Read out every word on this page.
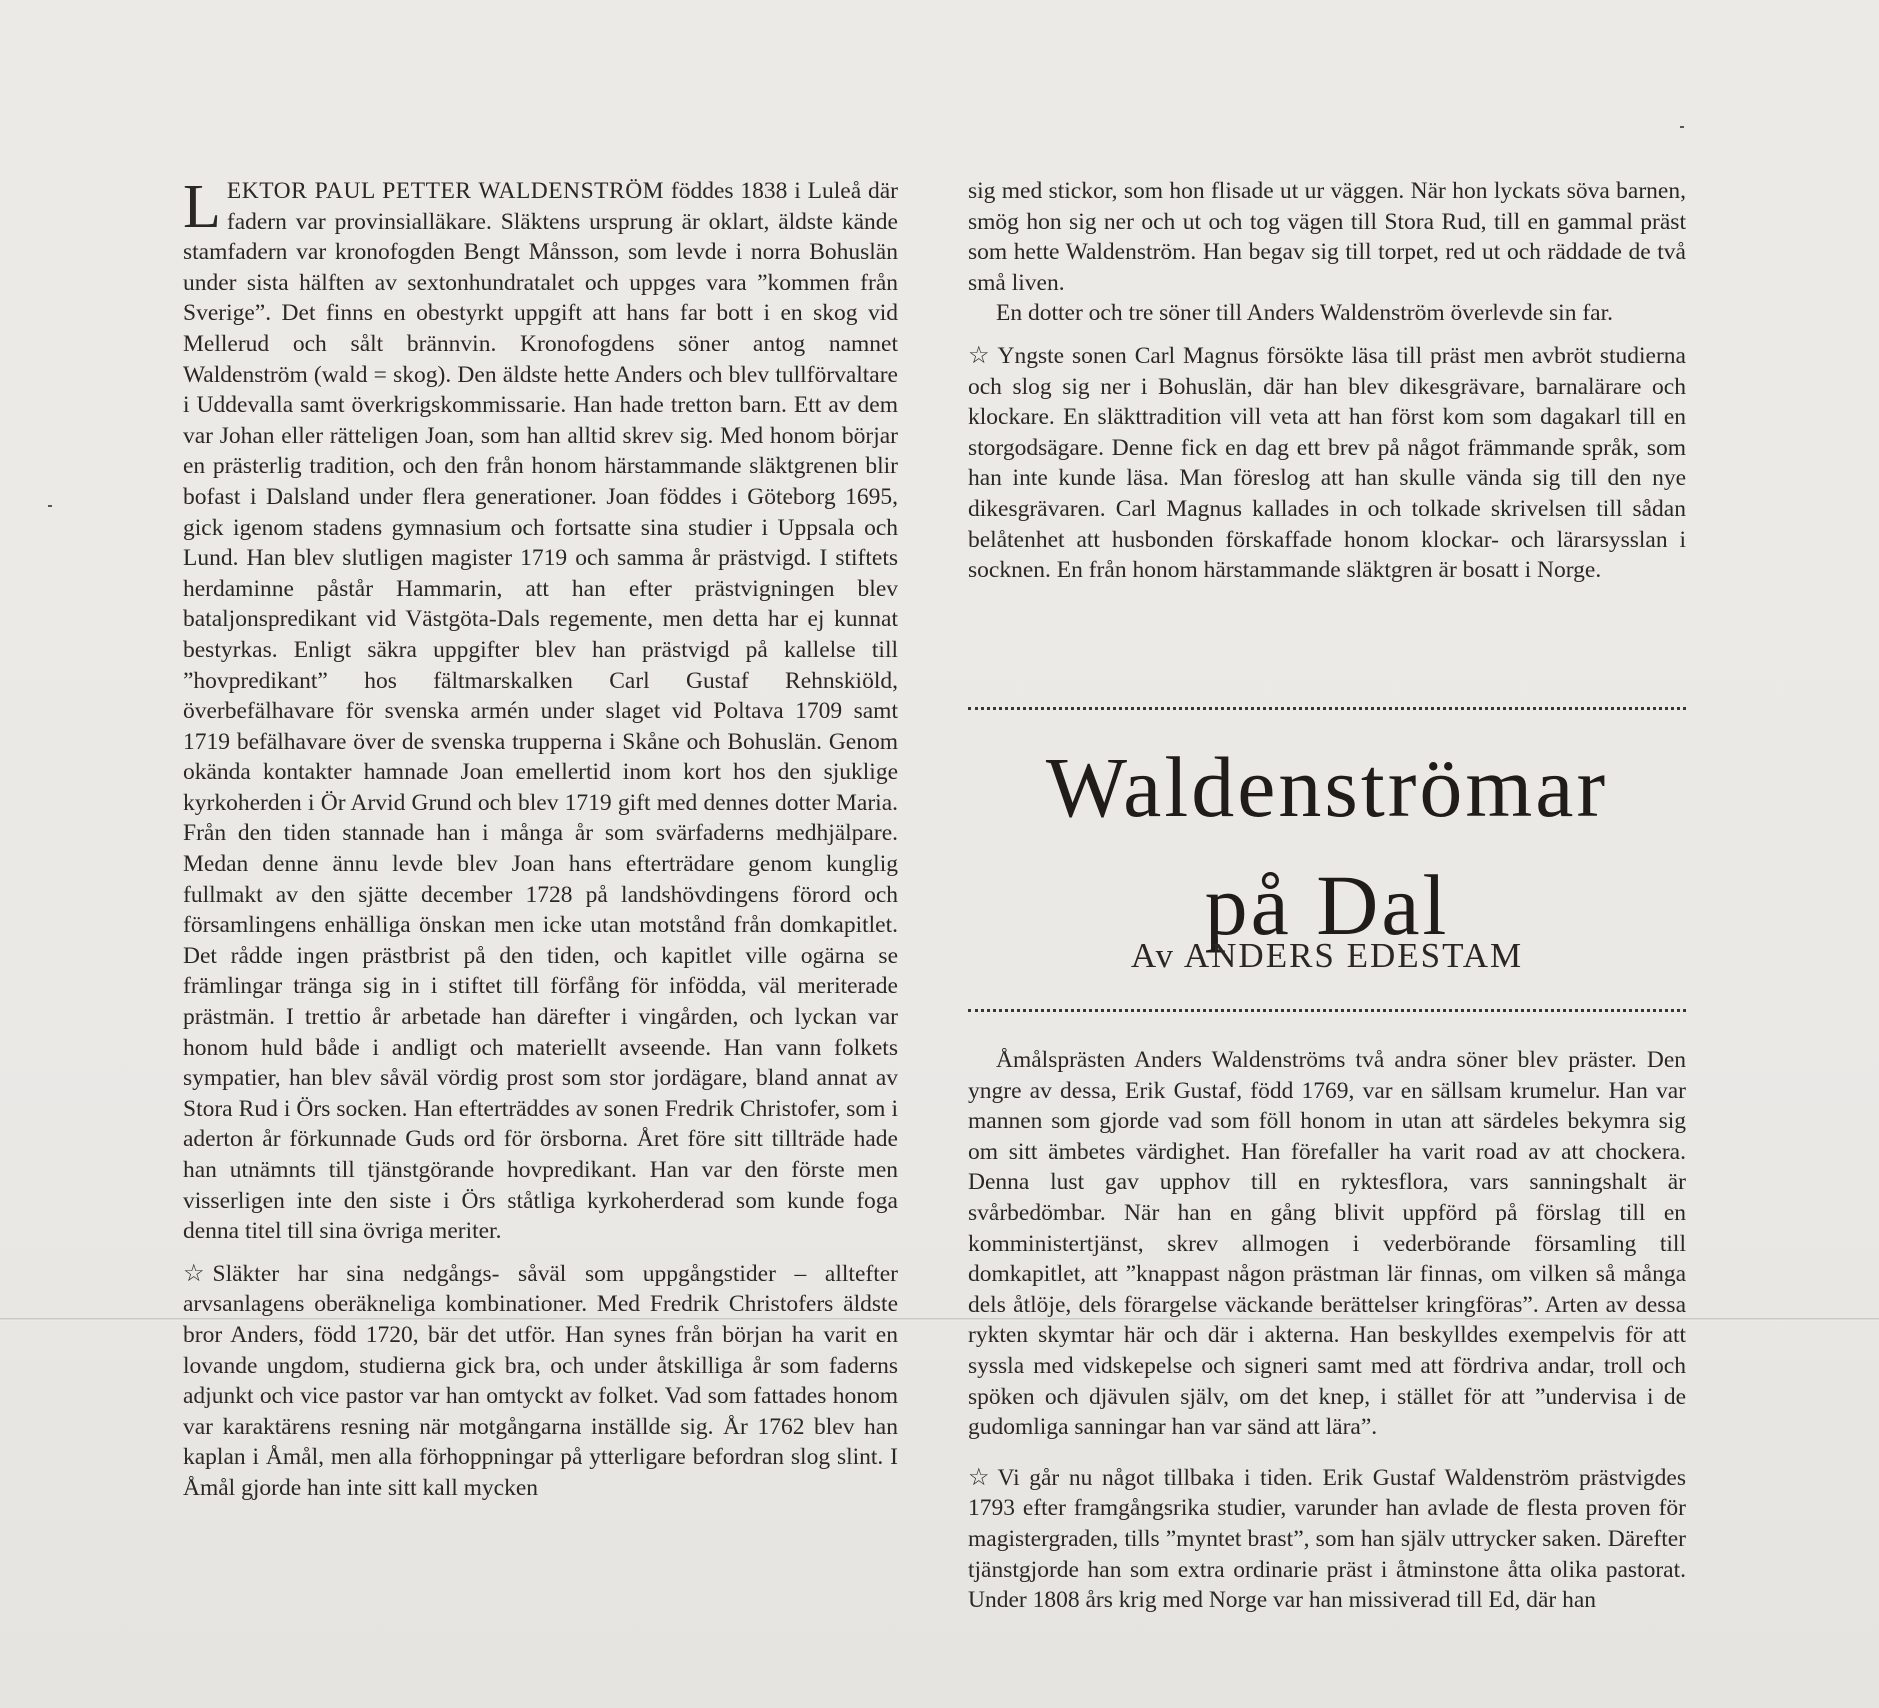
LEKTOR PAUL PETTER WALDENSTRÖM föddes 1838 i Luleå där fadern var provinsialläkare. Släktens ursprung är oklart, äldste kände stamfadern var kronofogden Bengt Månsson, som levde i norra Bohuslän under sista hälften av sextonhundratalet och uppges vara ”kommen från Sverige”. Det finns en obestyrkt uppgift att hans far bott i en skog vid Mellerud och sålt brännvin. Kronofogdens söner antog namnet Waldenström (wald = skog). Den äldste hette Anders och blev tullförvaltare i Uddevalla samt överkrigskommissarie. Han hade tretton barn. Ett av dem var Johan eller rätteligen Joan, som han alltid skrev sig. Med honom börjar en prästerlig tradition, och den från honom härstammande släktgrenen blir bofast i Dalsland under flera generationer. Joan föddes i Göteborg 1695, gick igenom stadens gymnasium och fortsatte sina studier i Uppsala och Lund. Han blev slutligen magister 1719 och samma år prästvigd. I stiftets herdaminne påstår Hammarin, att han efter prästvigningen blev bataljonspredikant vid Västgöta-Dals regemente, men detta har ej kunnat bestyrkas. Enligt säkra uppgifter blev han prästvigd på kallelse till ”hovpredikant” hos fältmarskalken Carl Gustaf Rehnskiöld, överbefälhavare för svenska armén under slaget vid Poltava 1709 samt 1719 befälhavare över de svenska trupperna i Skåne och Bohuslän. Genom okända kontakter hamnade Joan emellertid inom kort hos den sjuklige kyrkoherden i Ör Arvid Grund och blev 1719 gift med dennes dotter Maria. Från den tiden stannade han i många år som svärfaderns medhjälpare. Medan denne ännu levde blev Joan hans efterträdare genom kunglig fullmakt av den sjätte december 1728 på landshövdingens förord och församlingens enhälliga önskan men icke utan motstånd från domkapitlet. Det rådde ingen prästbrist på den tiden, och kapitlet ville ogärna se främlingar tränga sig in i stiftet till förfång för infödda, väl meriterade prästmän. I trettio år arbetade han därefter i vingården, och lyckan var honom huld både i andligt och materiellt avseende. Han vann folkets sympatier, han blev såväl vördig prost som stor jordägare, bland annat av Stora Rud i Örs socken. Han efterträddes av sonen Fredrik Christofer, som i aderton år förkunnade Guds ord för örsborna. Året före sitt tillträde hade han utnämnts till tjänstgörande hovpredikant. Han var den förste men visserligen inte den siste i Örs ståtliga kyrkoherderad som kunde foga denna titel till sina övriga meriter.

☆ Släkter har sina nedgångs- såväl som uppgångstider – alltefter arvsanlagens oberäkneliga kombinationer. Med Fredrik Christofers äldste bror Anders, född 1720, bär det utför. Han synes från början ha varit en lovande ungdom, studierna gick bra, och under åtskilliga år som faderns adjunkt och vice pastor var han omtyckt av folket. Vad som fattades honom var karaktärens resning när motgångarna inställde sig. År 1762 blev han kaplan i Åmål, men alla förhoppningar på ytterligare befordran slog slint. I Åmål gjorde han inte sitt kall mycken

sig med stickor, som hon flisade ut ur väggen. När hon lyckats söva barnen, smög hon sig ner och ut och tog vägen till Stora Rud, till en gammal präst som hette Waldenström. Han begav sig till torpet, red ut och räddade de två små liven.

En dotter och tre söner till Anders Waldenström överlevde sin far.

☆ Yngste sonen Carl Magnus försökte läsa till präst men avbröt studierna och slog sig ner i Bohuslän, där han blev dikesgrävare, barnalärare och klockare. En släkttradition vill veta att han först kom som dagakarl till en storgodsägare. Denne fick en dag ett brev på något främmande språk, som han inte kunde läsa. Man föreslog att han skulle vända sig till den nye dikesgrävaren. Carl Magnus kallades in och tolkade skrivelsen till sådan belåtenhet att husbonden förskaffade honom klockar- och lärarsysslan i socknen. En från honom härstammande släktgren är bosatt i Norge.

Waldenströmar
på Dal
Av ANDERS EDESTAM

Åmålsprästen Anders Waldenströms två andra söner blev präster. Den yngre av dessa, Erik Gustaf, född 1769, var en sällsam krumelur. Han var mannen som gjorde vad som föll honom in utan att särdeles bekymra sig om sitt ämbetes värdighet. Han förefaller ha varit road av att chockera. Denna lust gav upphov till en ryktesflora, vars sanningshalt är svårbedömbar. När han en gång blivit uppförd på förslag till en komministertjänst, skrev allmogen i vederbörande församling till domkapitlet, att ”knappast någon prästman lär finnas, om vilken så många dels åtlöje, dels förargelse väckande berättelser kringföras”. Arten av dessa rykten skymtar här och där i akterna. Han beskylldes exempelvis för att syssla med vidskepelse och signeri samt med att fördriva andar, troll och spöken och djävulen själv, om det knep, i stället för att ”undervisa i de gudomliga sanningar han var sänd att lära”.

☆ Vi går nu något tillbaka i tiden. Erik Gustaf Waldenström prästvigdes 1793 efter framgångsrika studier, varunder han avlade de flesta proven för magistergraden, tills ”myntet brast”, som han själv uttrycker saken. Därefter tjänstgjorde han som extra ordinarie präst i åtminstone åtta olika pastorat. Under 1808 års krig med Norge var han missiverad till Ed, där han
